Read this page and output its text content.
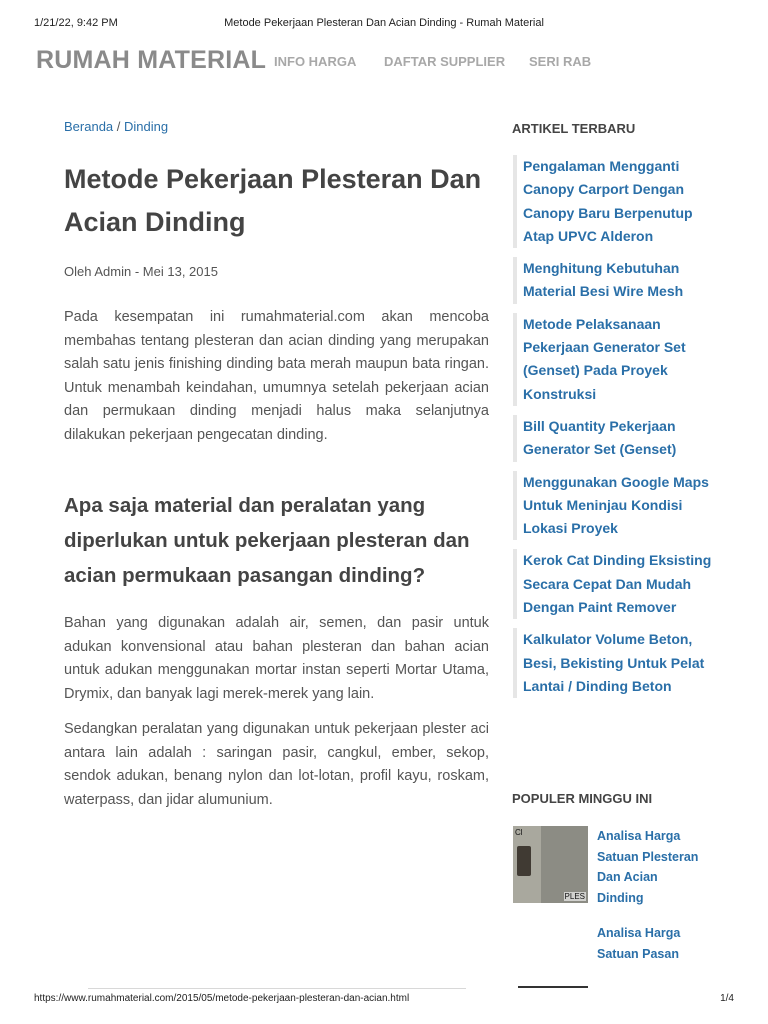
1/21/22, 9:42 PM	Metode Pekerjaan Plesteran Dan Acian Dinding - Rumah Material
RUMAH MATERIAL INFO HARGA DAFTAR SUPPLIER SERI RAB
Beranda / Dinding
Metode Pekerjaan Plesteran Dan Acian Dinding
Oleh Admin - Mei 13, 2015

Pada kesempatan ini rumahmaterial.com akan mencoba membahas tentang plesteran dan acian dinding yang merupakan salah satu jenis finishing dinding bata merah maupun bata ringan. Untuk menambah keindahan, umumnya setelah pekerjaan acian dan permukaan dinding menjadi halus maka selanjutnya dilakukan pekerjaan pengecatan dinding.

Apa saja material dan peralatan yang diperlukan untuk pekerjaan plesteran dan acian permukaan pasangan dinding?

Bahan yang digunakan adalah air, semen, dan pasir untuk adukan konvensional atau bahan plesteran dan bahan acian untuk adukan menggunakan mortar instan seperti Mortar Utama, Drymix, dan banyak lagi merek-merek yang lain.

Sedangkan peralatan yang digunakan untuk pekerjaan plester aci antara lain adalah : saringan pasir, cangkul, ember, sekop, sendok adukan, benang nylon dan lot-lotan, profil kayu, roskam, waterpass, dan jidar alumunium.

ARTIKEL TERBARU
Pengalaman Mengganti Canopy Carport Dengan Canopy Baru Berpenutup Atap UPVC Alderon
Menghitung Kebutuhan Material Besi Wire Mesh
Metode Pelaksanaan Pekerjaan Generator Set (Genset) Pada Proyek Konstruksi
Bill Quantity Pekerjaan Generator Set (Genset)
Menggunakan Google Maps Untuk Meninjau Kondisi Lokasi Proyek
Kerok Cat Dinding Eksisting Secara Cepat Dan Mudah Dengan Paint Remover
Kalkulator Volume Beton, Besi, Bekisting Untuk Pelat Lantai / Dinding Beton
POPULER MINGGU INI
Cl
PLES
Analisa Harga Satuan Plesteran Dan Acian Dinding
Analisa Harga Satuan Pasan
https://www.rumahmaterial.com/2015/05/metode-pekerjaan-plesteran-dan-acian.html	1/4
